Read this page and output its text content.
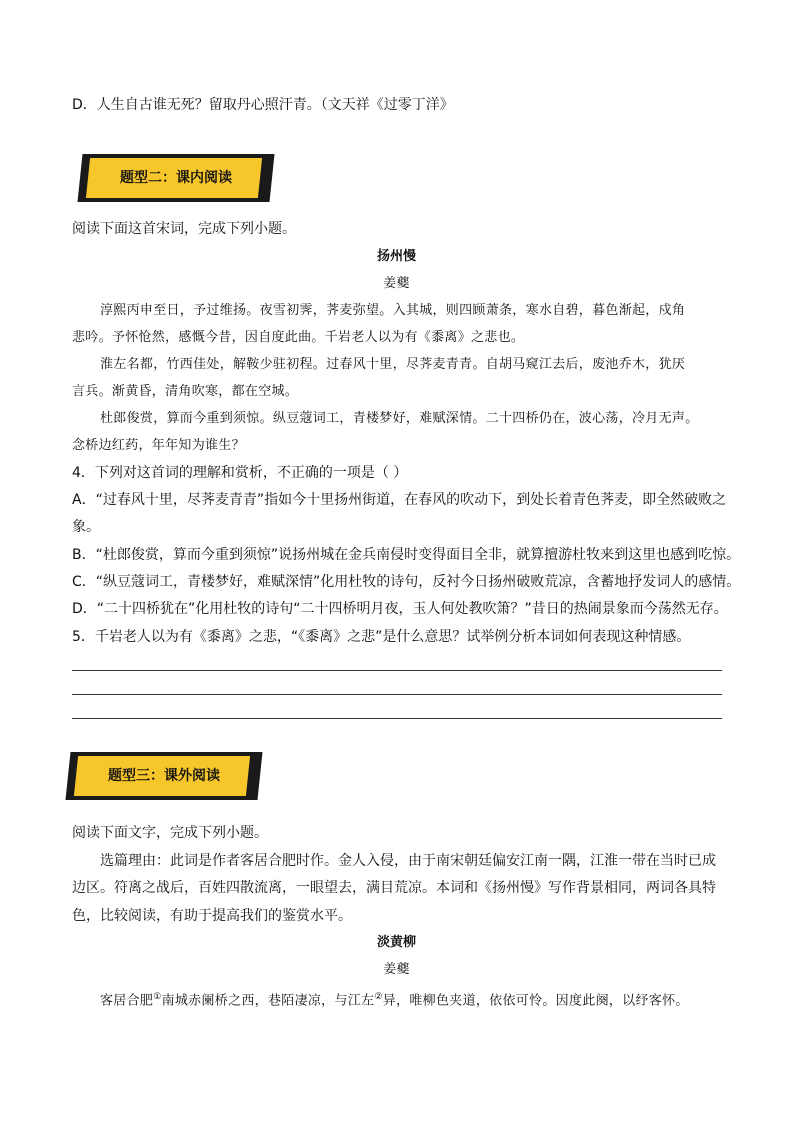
D．人生自古谁无死？留取丹心照汗青。（文天祥《过零丁洋》
题型二：课内阅读
阅读下面这首宋词，完成下列小题。
扬州慢
姜夔
淳熙丙申至日，予过维扬。夜雪初霁，荠麦弥望。入其城，则四顾萧条，寒水自碧，暮色渐起，戍角
悲吟。予怀怆然，感慨今昔，因自度此曲。千岩老人以为有《黍离》之悲也。
淮左名都，竹西佳处，解鞍少驻初程。过春风十里，尽荠麦青青。自胡马窥江去后，废池乔木，犹厌
言兵。渐黄昏，清角吹寒，都在空城。
杜郎俊赏，算而今重到须惊。纵豆蔻词工，青楼梦好，难赋深情。二十四桥仍在，波心荡，冷月无声。
念桥边红药，年年知为谁生？
4．下列对这首词的理解和赏析，不正确的一项是（ ）
A．“过春风十里，尽荠麦青青”指如今十里扬州街道，在春风的吹动下，到处长着青色荠麦，即全然破败之
象。
B．“杜郎俊赏，算而今重到须惊”说扬州城在金兵南侵时变得面目全非，就算擅游杜牧来到这里也感到吃惊。
C．“纵豆蔻词工，青楼梦好，难赋深情”化用杜牧的诗句，反衬今日扬州破败荒凉，含蓄地抒发词人的感情。
D．“二十四桥犹在”化用杜牧的诗句“二十四桥明月夜，玉人何处教吹箫？”昔日的热闹景象而今荡然无存。
5．千岩老人以为有《黍离》之悲，“《黍离》之悲”是什么意思？试举例分析本词如何表现这种情感。
题型三：课外阅读
阅读下面文字，完成下列小题。
选篇理由：此词是作者客居合肥时作。金人入侵，由于南宋朝廷偏安江南一隅，江淮一带在当时已成
边区。符离之战后，百姓四散流离，一眼望去，满目荒凉。本词和《扬州慢》写作背景相同，两词各具特
色，比较阅读，有助于提高我们的鉴赏水平。
淡黄柳
姜夔
客居合肥①南城赤阑桥之西，巷陌凄凉，与江左②异，唯柳色夹道，依依可怜。因度此阕，以纾客怀。
